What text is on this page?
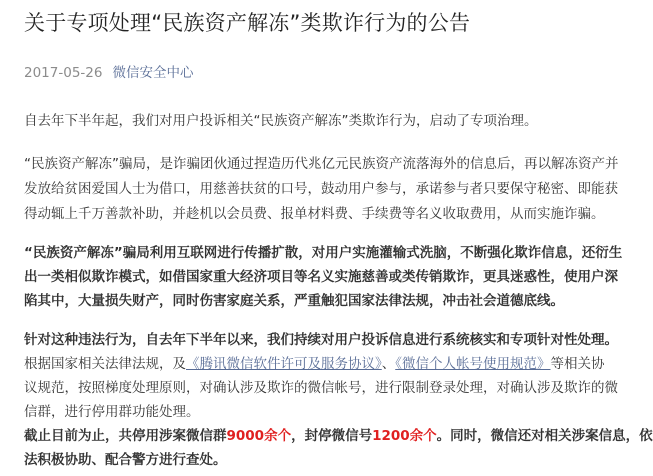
关于专项处理“民族资产解冻”类欺诈行为的公告
2017-05-26 微信安全中心
自去年下半年起，我们对用户投诉相关“民族资产解冻”类欺诈行为，启动了专项治理。
“民族资产解冻”骗局，是诈骗团伙通过捏造历代兆亿元民族资产流落海外的信息后，再以解冻资产并
发放给贫困爱国人士为借口，用慈善扶贫的口号，鼓动用户参与，承诺参与者只要保守秘密、即能获
得动辄上千万善款补助，并趁机以会员费、报单材料费、手续费等名义收取费用，从而实施诈骗。
“民族资产解冻”骗局利用互联网进行传播扩散，对用户实施灌输式洗脑，不断强化欺诈信息，还衍生
出一类相似欺诈模式，如借国家重大经济项目等名义实施慈善或类传销欺诈，更具迷惑性，使用户深
陷其中，大量损失财产，同时伤害家庭关系，严重触犯国家法律法规，冲击社会道德底线。
针对这种违法行为，自去年下半年以来，我们持续对用户投诉信息进行系统核实和专项针对性处理。
根据国家相关法律法规，及《腾讯微信软件许可及服务协议》、《微信个人帐号使用规范》等相关协
议规范，按照梯度处理原则，对确认涉及欺诈的微信帐号，进行限制登录处理，对确认涉及欺诈的微
信群，进行停用群功能处理。
截止目前为止，共停用涉案微信群9000余个，封停微信号1200余个。同时，微信还对相关涉案信息，依
法积极协助、配合警方进行查处。
